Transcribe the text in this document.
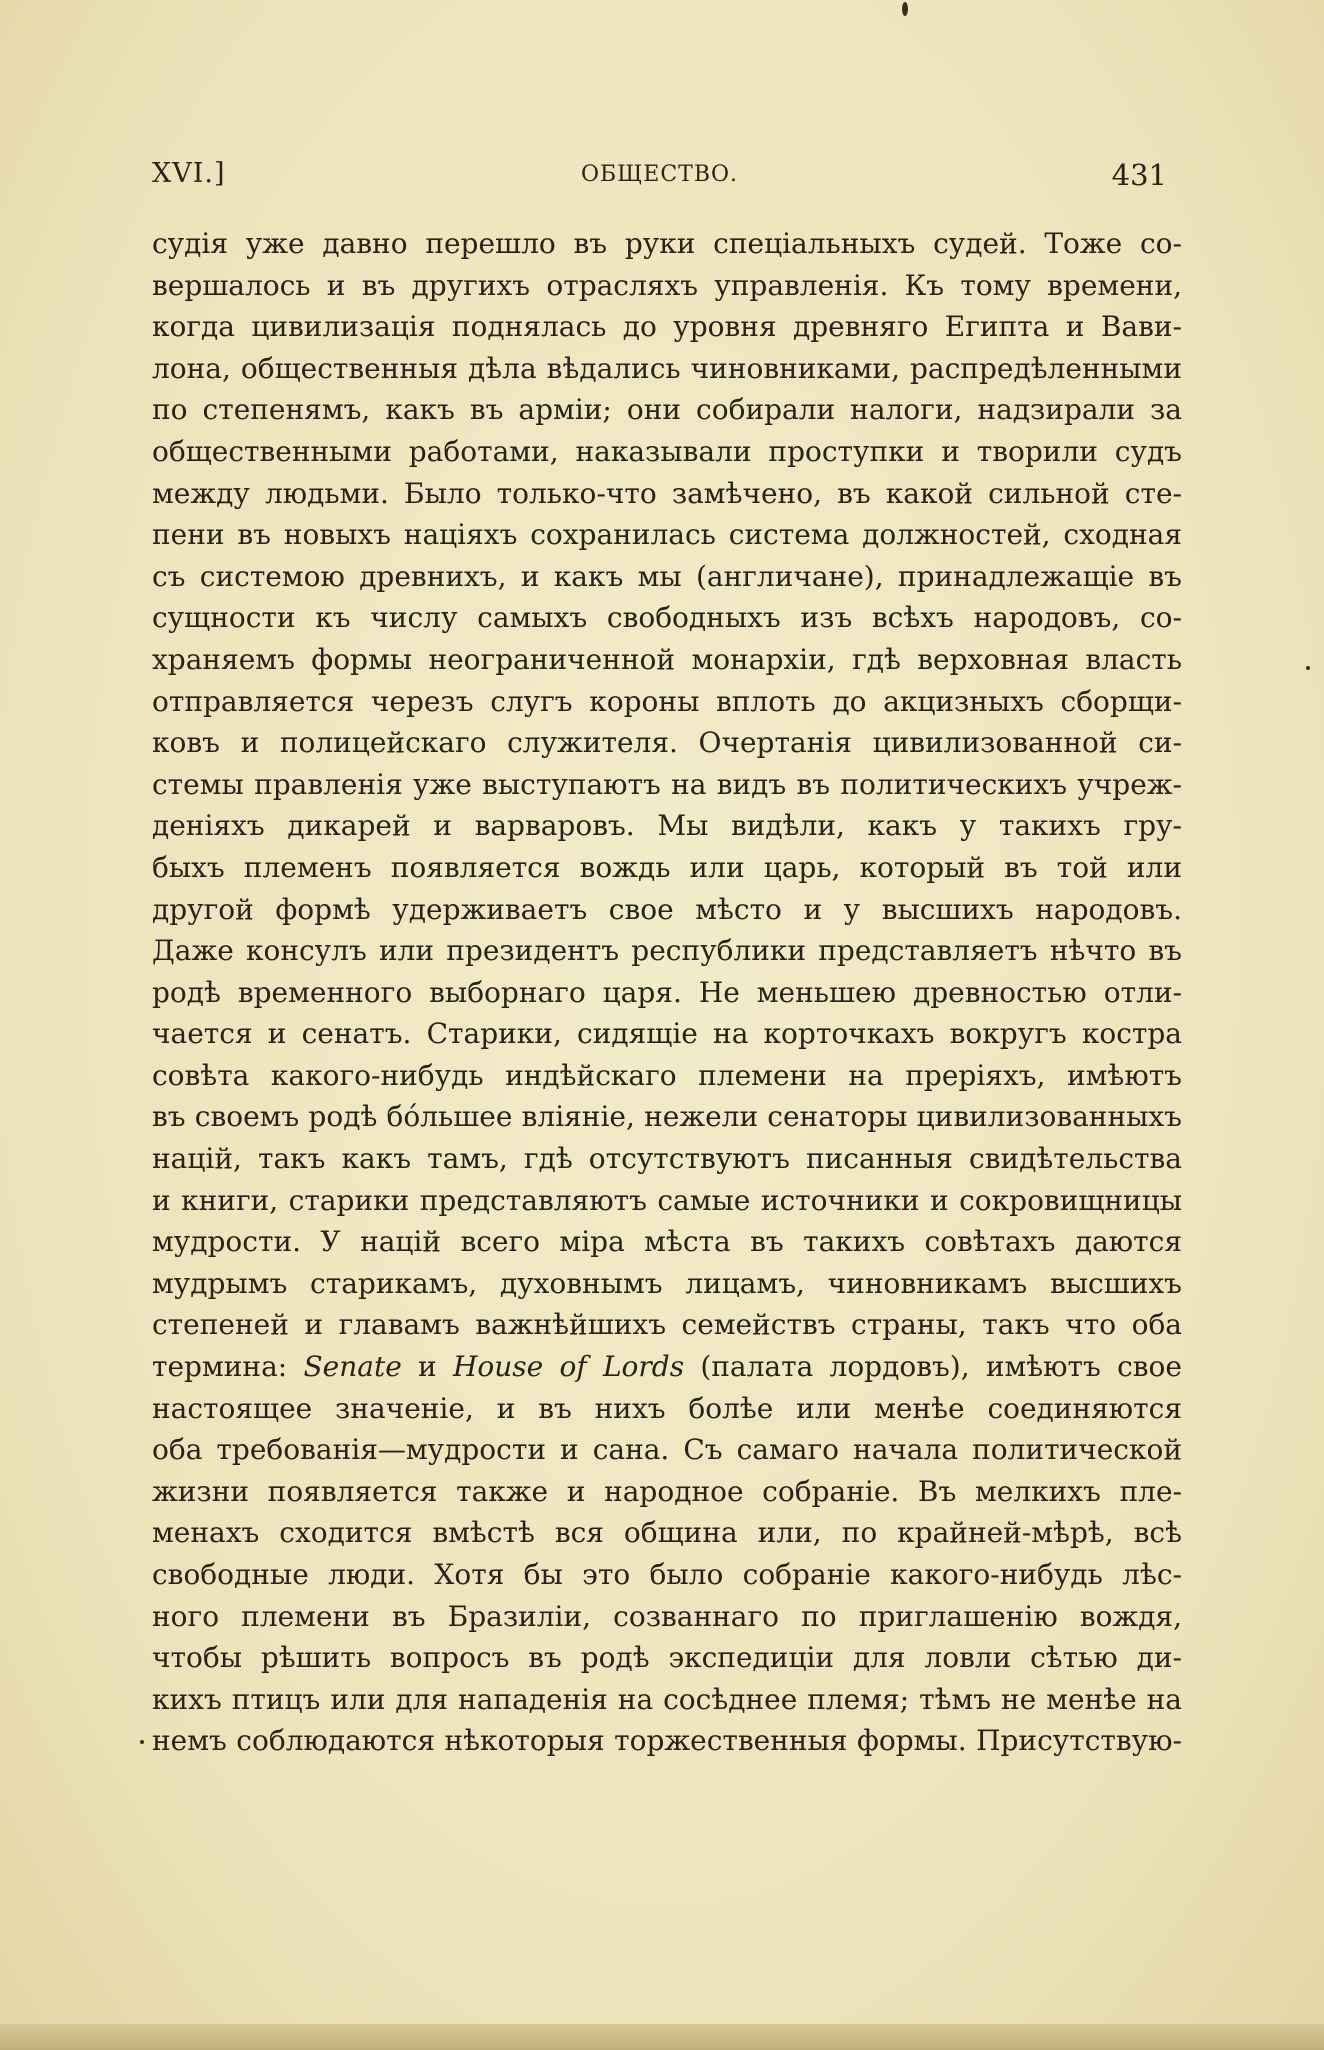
XVI.]	ОБЩЕСТВО.	431
судія уже давно перешло въ руки спеціальныхъ судей. Тоже со-
вершалось и въ другихъ отрасляхъ управленія. Къ тому времени,
когда цивилизація поднялась до уровня древняго Египта и Вави-
лона, общественныя дѣла вѣдались чиновниками, распредѣленными
по степенямъ, какъ въ арміи; они собирали налоги, надзирали за
общественными работами, наказывали проступки и творили судъ
между людьми. Было только-что замѣчено, въ какой сильной сте-
пени въ новыхъ націяхъ сохранилась система должностей, сходная
съ системою древнихъ, и какъ мы (англичане), принадлежащіе въ
сущности къ числу самыхъ свободныхъ изъ всѣхъ народовъ, со-
храняемъ формы неограниченной монархіи, гдѣ верховная власть
отправляется черезъ слугъ короны вплоть до акцизныхъ сборщи-
ковъ и полицейскаго служителя. Очертанія цивилизованной си-
стемы правленія уже выступаютъ на видъ въ политическихъ учреж-
деніяхъ дикарей и варваровъ. Мы видѣли, какъ у такихъ гру-
быхъ племенъ появляется вождь или царь, который въ той или
другой формѣ удерживаетъ свое мѣсто и у высшихъ народовъ.
Даже консулъ или президентъ республики представляетъ нѣчто въ
родѣ временного выборнаго царя. Не меньшею древностью отли-
чается и сенатъ. Старики, сидящіе на корточкахъ вокругъ костра
совѣта какого-нибудь индѣйскаго племени на преріяхъ, имѣютъ
въ своемъ родѣ бо́льшее вліяніе, нежели сенаторы цивилизованныхъ
націй, такъ какъ тамъ, гдѣ отсутствуютъ писанныя свидѣтельства
и книги, старики представляютъ самые источники и сокровищницы
мудрости. У націй всего міра мѣста въ такихъ совѣтахъ даются
мудрымъ старикамъ, духовнымъ лицамъ, чиновникамъ высшихъ
степеней и главамъ важнѣйшихъ семействъ страны, такъ что оба
термина: Senate и House of Lords (палата лордовъ), имѣютъ свое
настоящее значеніе, и въ нихъ болѣе или менѣе соединяются
оба требованія—мудрости и сана. Съ самаго начала политической
жизни появляется также и народное собраніе. Въ мелкихъ пле-
менахъ сходится вмѣстѣ вся община или, по крайней-мѣрѣ, всѣ
свободные люди. Хотя бы это было собраніе какого-нибудь лѣс-
ного племени въ Бразиліи, созваннаго по приглашенію вождя,
чтобы рѣшить вопросъ въ родѣ экспедиціи для ловли сѣтью ди-
кихъ птицъ или для нападенія на сосѣднее племя; тѣмъ не менѣе на
немъ соблюдаются нѣкоторыя торжественныя формы. Присутствую-
